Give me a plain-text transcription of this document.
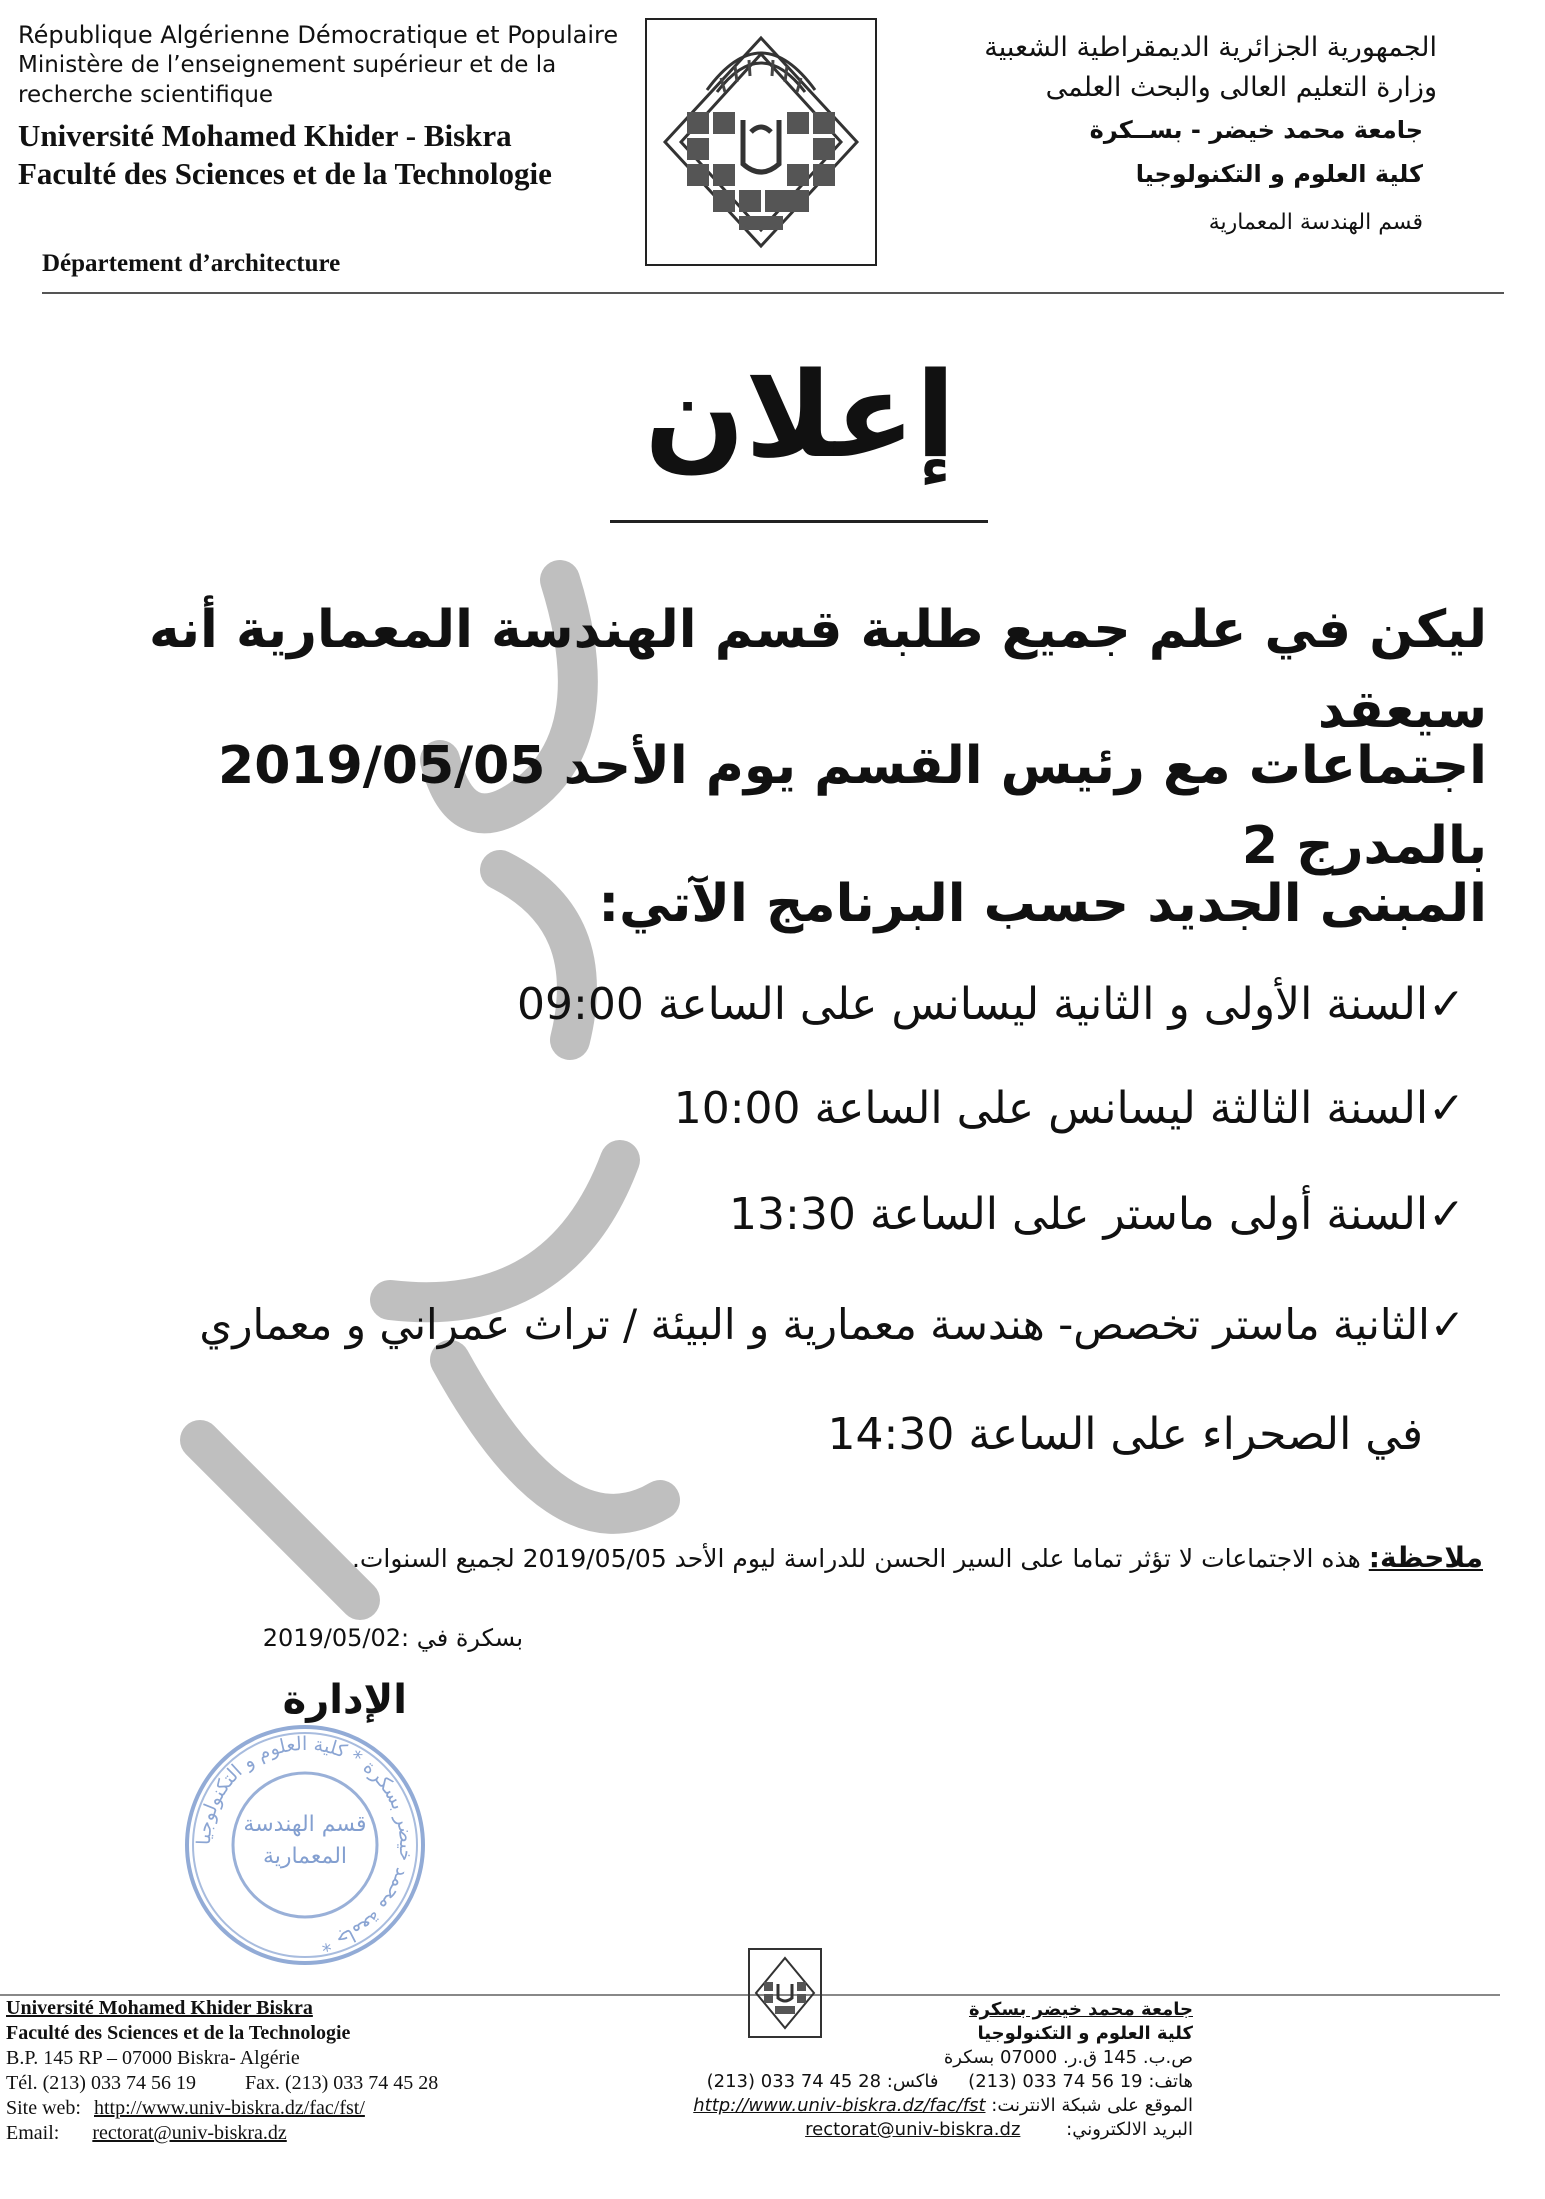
République Algérienne Démocratique et Populaire
Ministère de l’enseignement supérieur et de la
recherche scientifique
Université Mohamed Khider - Biskra
Faculté des Sciences et de la Technologie
Département d’architecture
الجمهورية الجزائرية الديمقراطية الشعبية
وزارة التعليم العالى والبحث العلمى
جامعة محمد خيضر - بســكرة
كلية العلوم و التكنولوجيا
قسم الهندسة المعمارية
إعلان
ليكن في علم جميع طلبة قسم الهندسة المعمارية أنه سيعقد
اجتماعات مع رئيس القسم يوم الأحد 2019/05/05 بالمدرج 2
المبنى الجديد حسب البرنامج الآتي:
✓السنة الأولى و الثانية ليسانس على الساعة 09:00
✓السنة الثالثة ليسانس على الساعة 10:00
✓السنة أولى ماستر على الساعة 13:30
✓الثانية ماستر تخصص- هندسة معمارية و البيئة / تراث عمراني و معماري
في الصحراء على الساعة 14:30
ملاحظة: هذه الاجتماعات لا تؤثر تماما على السير الحسن للدراسة ليوم الأحد 2019/05/05 لجميع السنوات.
بسكرة في :2019/05/02
الإدارة
جامعة محمد خيضر بسكرة * كلية العلوم و التكنولوجيا *
قسم الهندسة
المعمارية
Université Mohamed Khider Biskra
Faculté des Sciences et de la Technologie
B.P. 145 RP – 07000 Biskra- Algérie
Tél. (213) 033 74 56 19 Fax. (213) 033 74 45 28
Site web: http://www.univ-biskra.dz/fac/fst/
Email: rectorat@univ-biskra.dz
جامعة محمد خيضر بسكرة
كلية العلوم و التكنولوجيا
ص.ب. 145 ق.ر. 07000 بسكرة
هاتف: 19 56 74 033 (213) فاكس: 28 45 74 033 (213)
الموقع على شبكة الانترنت: http://www.univ-biskra.dz/fac/fst
البريد الالكتروني: rectorat@univ-biskra.dz
